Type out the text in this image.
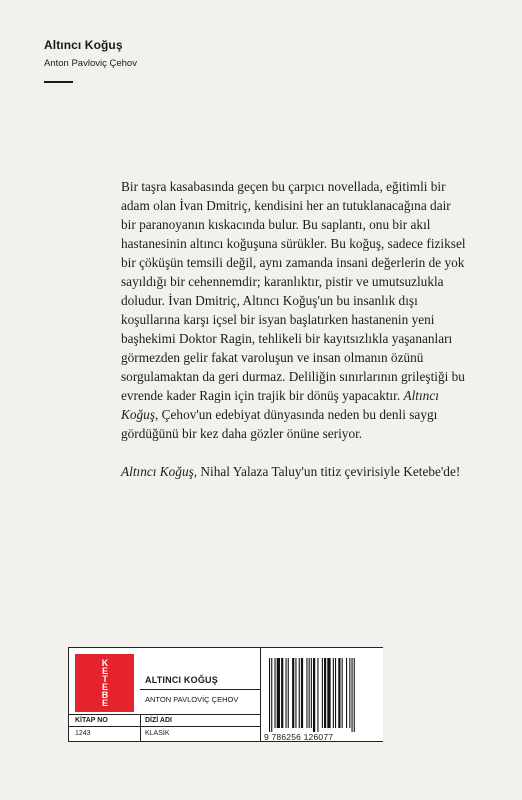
Altıncı Koğuş
Anton Pavloviç Çehov

Bir taşra kasabasında geçen bu çarpıcı novellada, eğitimli bir adam olan İvan Dmitriç, kendisini her an tutuklanacağına dair bir paranoyanın kıskacında bulur. Bu saplantı, onu bir akıl hastanesinin altıncı koğuşuna sürükler. Bu koğuş, sadece fiziksel bir çöküşün temsili değil, aynı zamanda insani değerlerin de yok sayıldığı bir cehennemdir; karanlıktır, pistir ve umutsuzlukla doludur. İvan Dmitriç, Altıncı Koğuş'un bu insanlık dışı koşullarına karşı içsel bir isyan başlatırken hastanenin yeni başhekimi Doktor Ragin, tehlikeli bir kayıtsızlıkla yaşananları görmezden gelir fakat varoluşun ve insan olmanın özünü sorgulamaktan da geri durmaz. Deliliğin sınırlarının grileştiği bu evrende kader Ragin için trajik bir dönüş yapacaktır. Altıncı Koğuş, Çehov'un edebiyat dünyasında neden bu denli saygı gördüğünü bir kez daha gözler önüne seriyor.

Altıncı Koğuş, Nihal Yalaza Taluy'un titiz çevirisiyle Ketebe'de!

K
E
T
E
B
E
ALTINCI KOĞUŞ
ANTON PAVLOVİÇ ÇEHOV
KİTAP NO
1243
DİZİ ADI
KLASİK	9 786256 126077
